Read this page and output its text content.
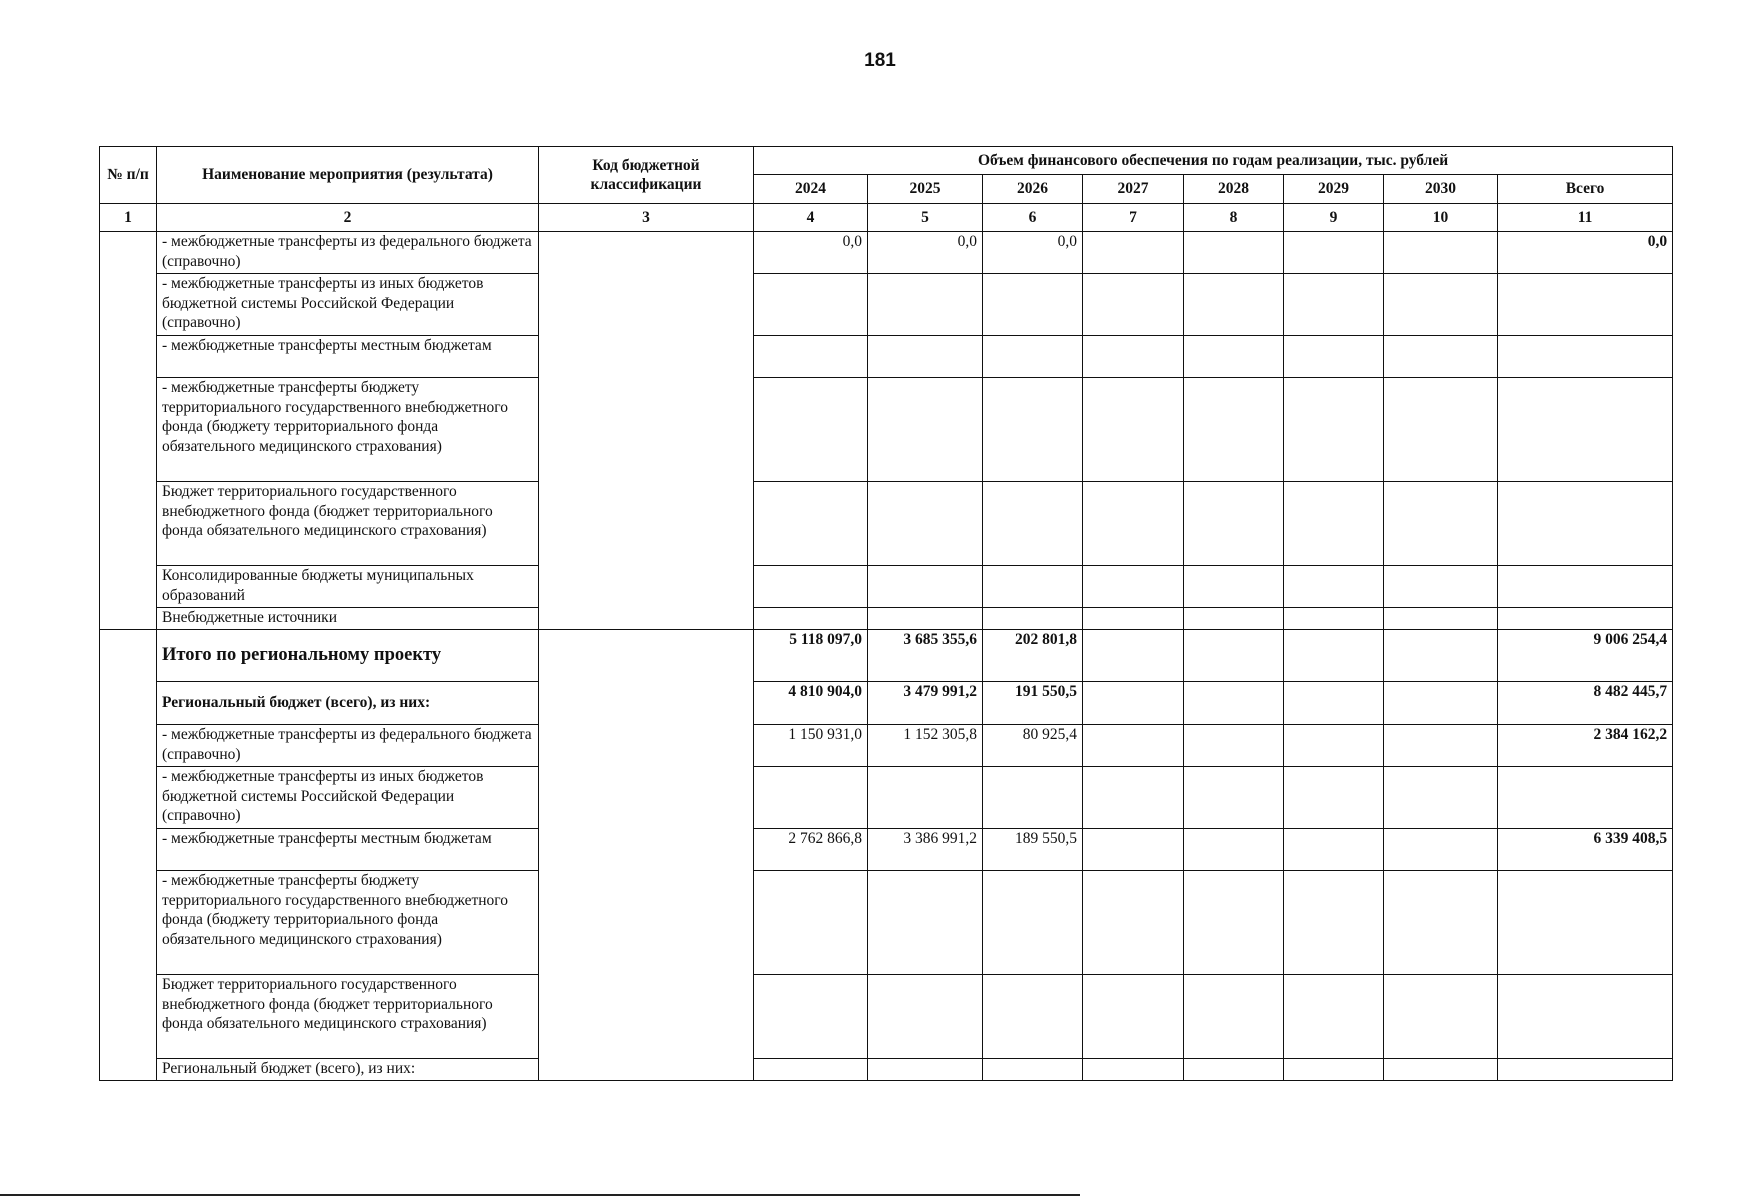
181
№ п/п	Наименование мероприятия (результата)	Код бюджетной классификации	Объем финансового обеспечения по годам реализации, тыс. рублей							
			2024	2025	2026	2027	2028	2029	2030	Всего
1	2	3	4	5	6	7	8	9	10	11
	- межбюджетные трансферты из федерального бюджета (справочно)		0,0	0,0	0,0					0,0
	- межбюджетные трансферты из иных бюджетов бюджетной системы Российской Федерации (справочно)									
	- межбюджетные трансферты местным бюджетам									
	- межбюджетные трансферты бюджету территориального государственного внебюджетного фонда (бюджету территориального фонда обязательного медицинского страхования)									
	Бюджет территориального государственного внебюджетного фонда (бюджет территориального фонда обязательного медицинского страхования)									
	Консолидированные бюджеты муниципальных образований									
	Внебюджетные источники									
	Итого по региональному проекту		5 118 097,0	3 685 355,6	202 801,8					9 006 254,4
	Региональный бюджет (всего), из них:		4 810 904,0	3 479 991,2	191 550,5					8 482 445,7
	- межбюджетные трансферты из федерального бюджета (справочно)		1 150 931,0	1 152 305,8	80 925,4					2 384 162,2
	- межбюджетные трансферты из иных бюджетов бюджетной системы Российской Федерации (справочно)									
	- межбюджетные трансферты местным бюджетам		2 762 866,8	3 386 991,2	189 550,5					6 339 408,5
	- межбюджетные трансферты бюджету территориального государственного внебюджетного фонда (бюджету территориального фонда обязательного медицинского страхования)									
	Бюджет территориального государственного внебюджетного фонда (бюджет территориального фонда обязательного медицинского страхования)									
	Региональный бюджет (всего), из них:									
